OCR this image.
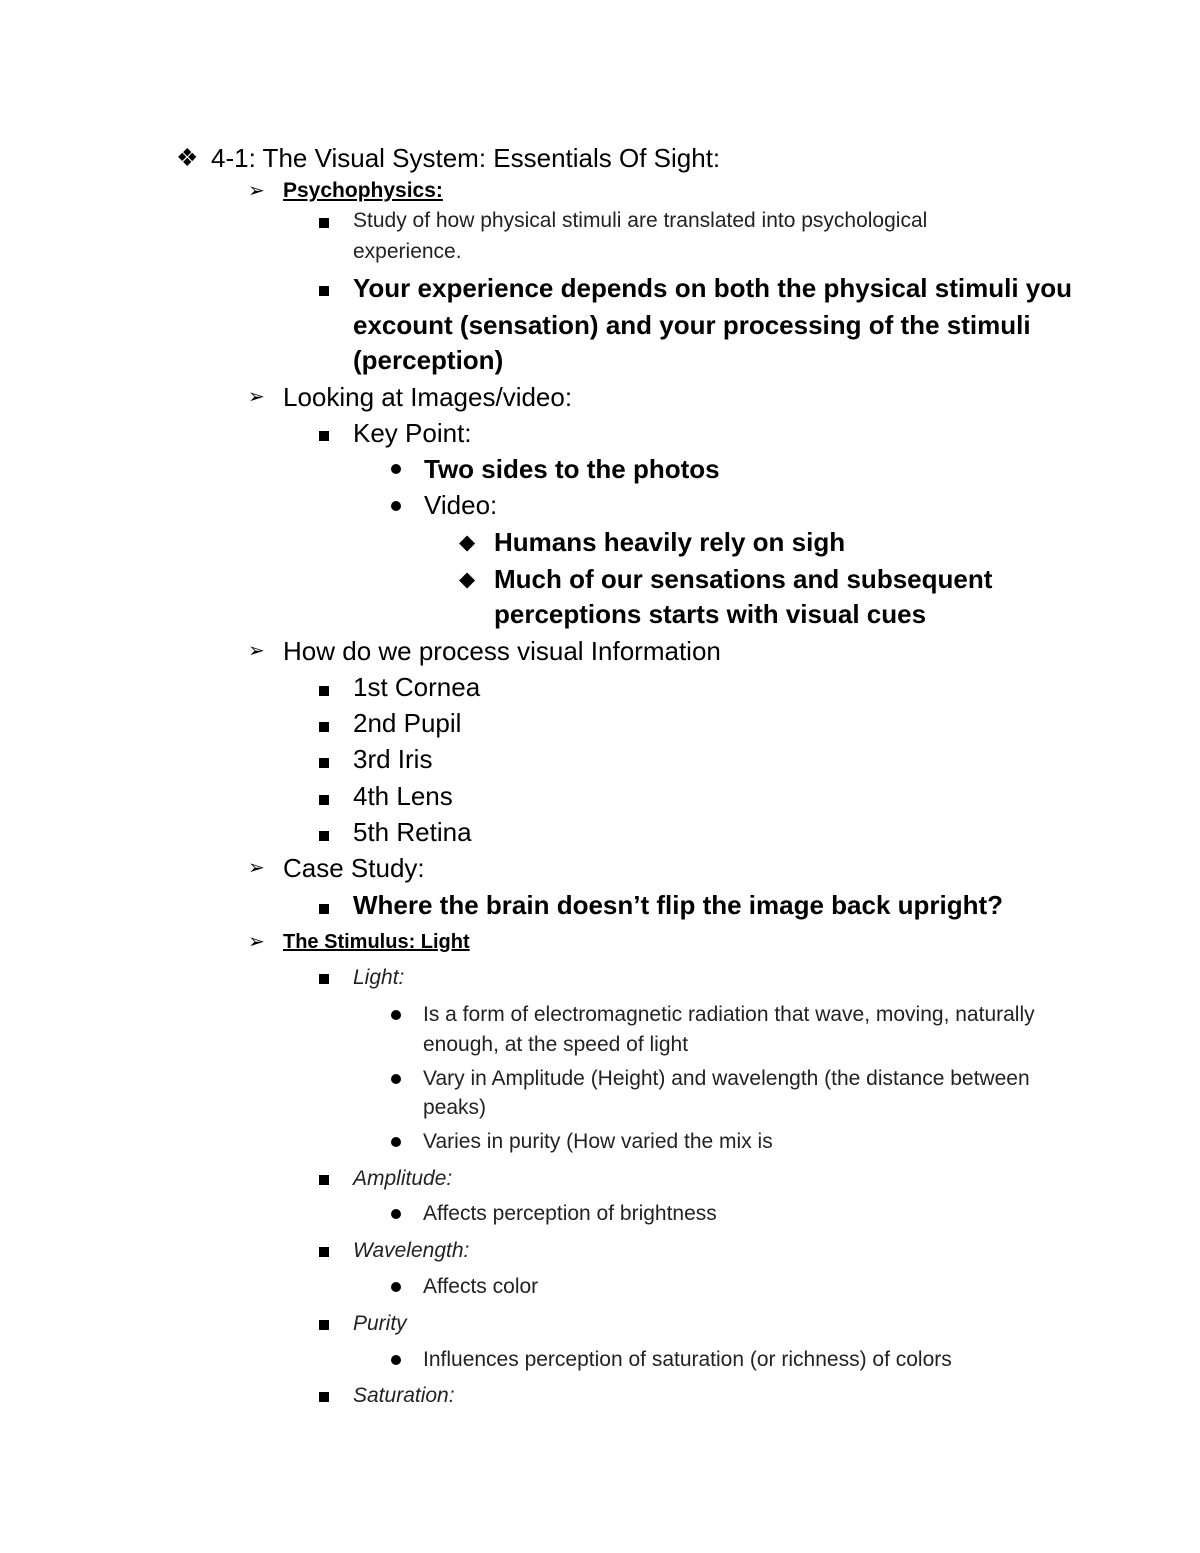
❖ 4-1: The Visual System: Essentials Of Sight:
➢ Psychophysics:
Study of how physical stimuli are translated into psychological
experience.
Your experience depends on both the physical stimuli you
excount (sensation) and your processing of the stimuli
(perception)
➢ Looking at Images/video:
Key Point:
Two sides to the photos
Video:
◆ Humans heavily rely on sigh
◆ Much of our sensations and subsequent
perceptions starts with visual cues
➢ How do we process visual Information
1st Cornea
2nd Pupil
3rd Iris
4th Lens
5th Retina
➢ Case Study:
Where the brain doesn’t flip the image back upright?
➢ The Stimulus: Light
Light:
Is a form of electromagnetic radiation that wave, moving, naturally
enough, at the speed of light
Vary in Amplitude (Height) and wavelength (the distance between
peaks)
Varies in purity (How varied the mix is
Amplitude:
Affects perception of brightness
Wavelength:
Affects color
Purity
Influences perception of saturation (or richness) of colors
Saturation:
